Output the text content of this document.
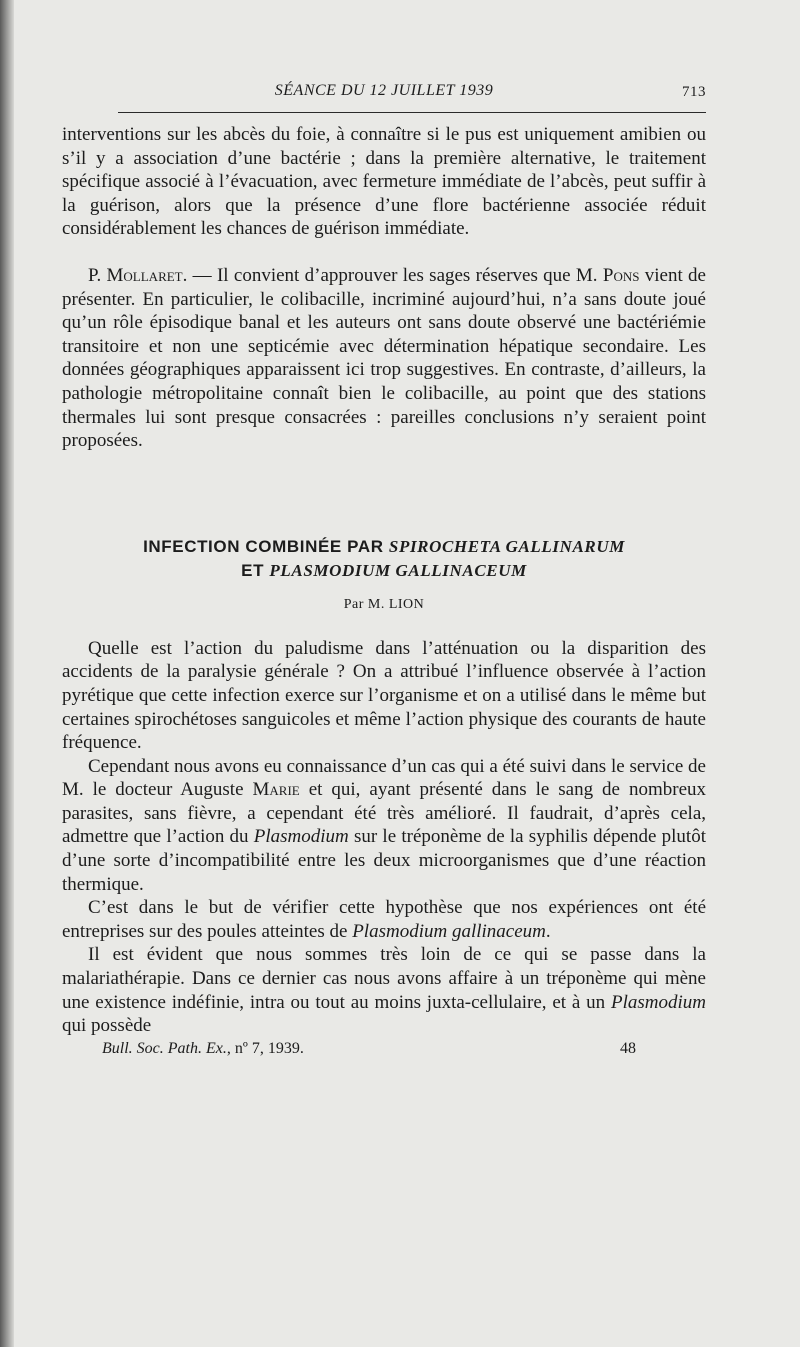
SÉANCE DU 12 JUILLET 1939	713

interventions sur les abcès du foie, à connaître si le pus est uniquement amibien ou s’il y a association d’une bactérie ; dans la première alternative, le traitement spécifique associé à l’évacuation, avec fermeture immédiate de l’abcès, peut suffir à la guérison, alors que la présence d’une flore bactérienne associée réduit considérablement les chances de guérison immédiate.

P. Mollaret. — Il convient d’approuver les sages réserves que M. Pons vient de présenter. En particulier, le colibacille, incriminé aujourd’hui, n’a sans doute joué qu’un rôle épisodique banal et les auteurs ont sans doute observé une bactériémie transitoire et non une septicémie avec détermination hépatique secondaire. Les données géographiques apparaissent ici trop suggestives. En contraste, d’ailleurs, la pathologie métropolitaine connaît bien le colibacille, au point que des stations thermales lui sont presque consacrées : pareilles conclusions n’y seraient point proposées.

INFECTION COMBINÉE PAR SPIROCHETA GALLINARUM
ET PLASMODIUM GALLINACEUM
Par M. LION

Quelle est l’action du paludisme dans l’atténuation ou la disparition des accidents de la paralysie générale ? On a attribué l’influence observée à l’action pyrétique que cette infection exerce sur l’organisme et on a utilisé dans le même but certaines spirochétoses sanguicoles et même l’action physique des courants de haute fréquence.

Cependant nous avons eu connaissance d’un cas qui a été suivi dans le service de M. le docteur Auguste Marie et qui, ayant présenté dans le sang de nombreux parasites, sans fièvre, a cependant été très amélioré. Il faudrait, d’après cela, admettre que l’action du Plasmodium sur le tréponème de la syphilis dépende plutôt d’une sorte d’incompatibilité entre les deux microorganismes que d’une réaction thermique.

C’est dans le but de vérifier cette hypothèse que nos expériences ont été entreprises sur des poules atteintes de Plasmodium gallinaceum.

Il est évident que nous sommes très loin de ce qui se passe dans la malariathérapie. Dans ce dernier cas nous avons affaire à un tréponème qui mène une existence indéfinie, intra ou tout au moins juxta-cellulaire, et à un Plasmodium qui possède

Bull. Soc. Path. Ex., nº 7, 1939.	48
